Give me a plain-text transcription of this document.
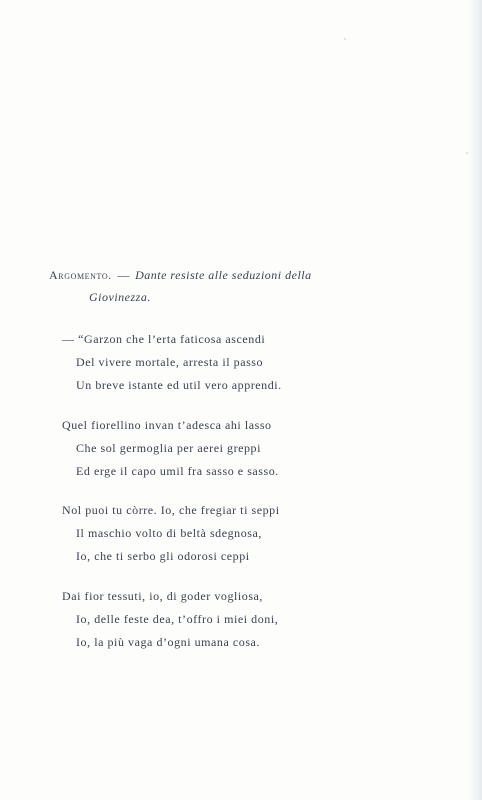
Argomento. — Dante resiste alle seduzioni della
Giovinezza.
— “Garzon che l’erta faticosa ascendi
Del vivere mortale, arresta il passo
Un breve istante ed util vero apprendi.
Quel fiorellino invan t’adesca ahi lasso
Che sol germoglia per aerei greppi
Ed erge il capo umil fra sasso e sasso.
Nol puoi tu còrre. Io, che fregiar ti seppi
Il maschio volto di beltà sdegnosa,
Io, che ti serbo gli odorosi ceppi
Dai fior tessuti, io, di goder vogliosa,
Io, delle feste dea, t’offro i miei doni,
Io, la più vaga d’ogni umana cosa.
